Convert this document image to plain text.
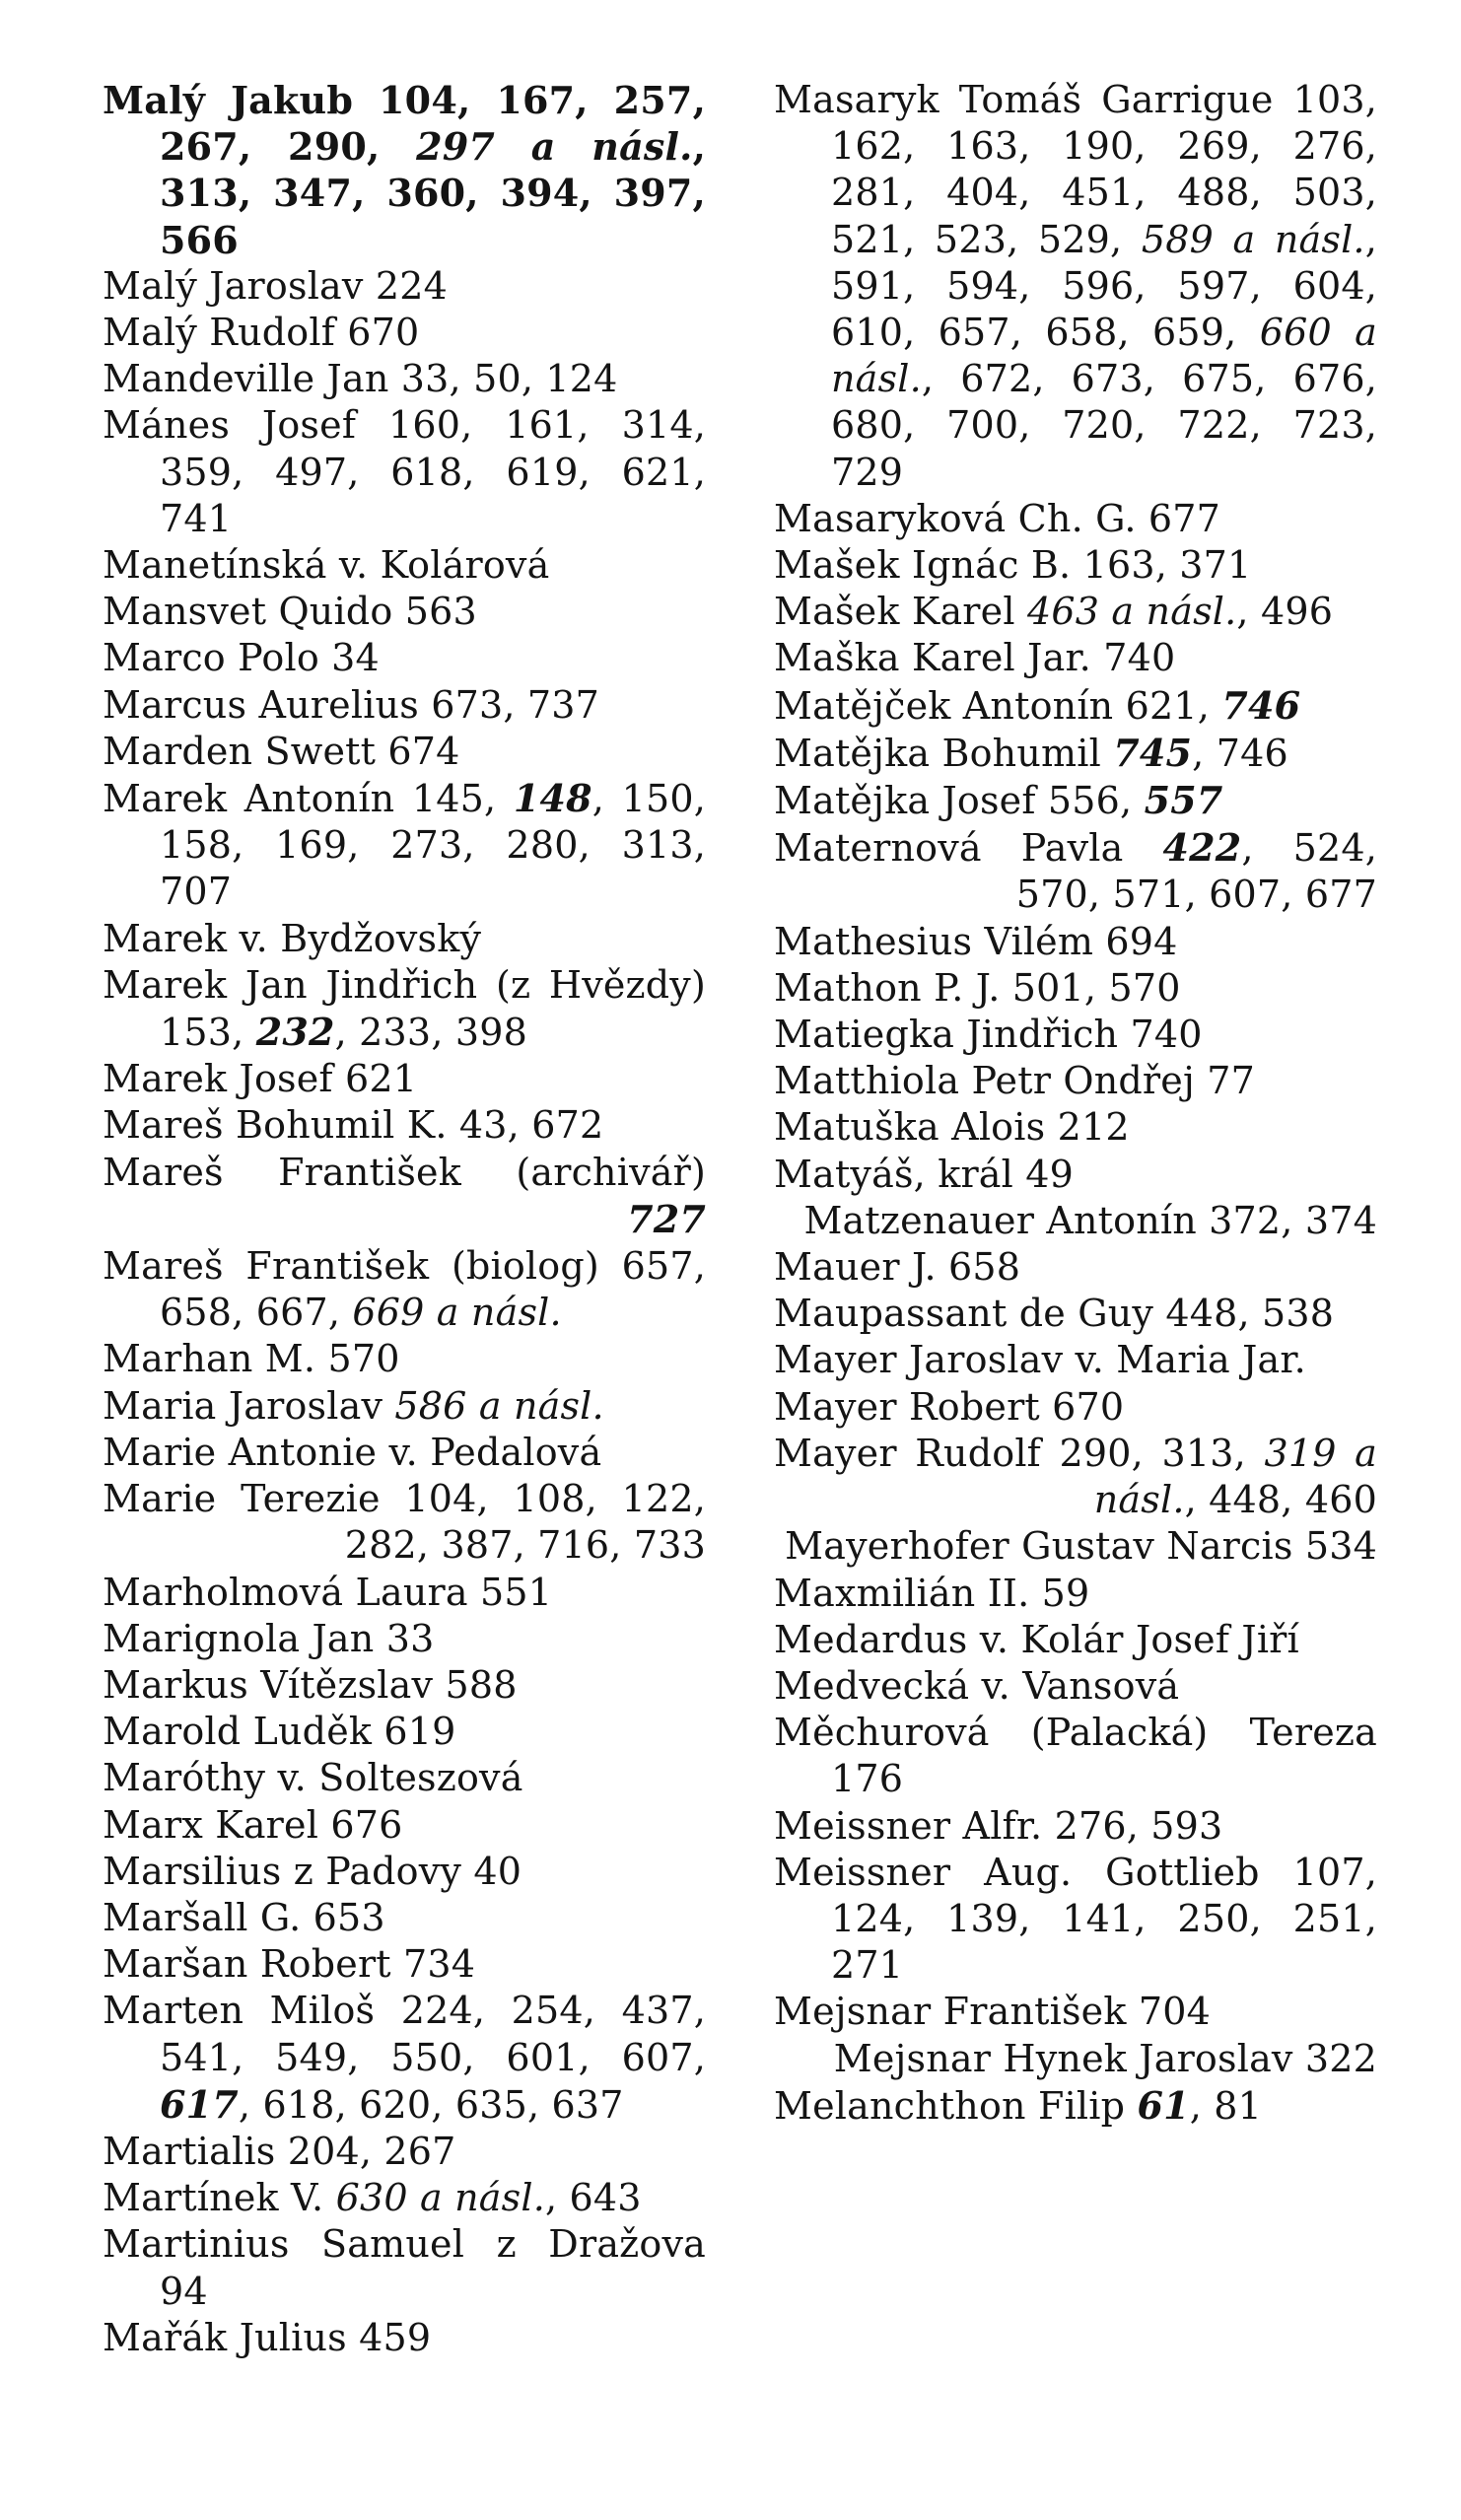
Malý Jakub 104, 167, 257, 267, 290, 297 a násl., 313, 347, 360, 394, 397, 566

Malý Jaroslav 224

Malý Rudolf 670

Mandeville Jan 33, 50, 124

Mánes Josef 160, 161, 314, 359, 497, 618, 619, 621, 741

Manetínská v. Kolárová

Mansvet Quido 563

Marco Polo 34

Marcus Aurelius 673, 737

Marden Swett 674

Marek Antonín 145, 148, 150, 158, 169, 273, 280, 313, 707

Marek v. Bydžovský

Marek Jan Jindřich (z Hvězdy) 153, 232, 233, 398

Marek Josef 621

Mareš Bohumil K. 43, 672

Mareš František (archivář) 727

Mareš František (biolog) 657, 658, 667, 669 a násl.

Marhan M. 570

Maria Jaroslav 586 a násl.

Marie Antonie v. Pedalová

Marie Terezie 104, 108, 122, 282, 387, 716, 733

Marholmová Laura 551

Marignola Jan 33

Markus Vítězslav 588

Marold Luděk 619

Maróthy v. Solteszová

Marx Karel 676

Marsilius z Padovy 40

Maršall G. 653

Maršan Robert 734

Marten Miloš 224, 254, 437, 541, 549, 550, 601, 607, 617, 618, 620, 635, 637

Martialis 204, 267

Martínek V. 630 a násl., 643

Martinius Samuel z Dražova 94

Mařák Julius 459

Masaryk Tomáš Garrigue 103, 162, 163, 190, 269, 276, 281, 404, 451, 488, 503, 521, 523, 529, 589 a násl., 591, 594, 596, 597, 604, 610, 657, 658, 659, 660 a násl., 672, 673, 675, 676, 680, 700, 720, 722, 723, 729

Masaryková Ch. G. 677

Mašek Ignác B. 163, 371

Mašek Karel 463 a násl., 496

Maška Karel Jar. 740

Matějček Antonín 621, 746

Matějka Bohumil 745, 746

Matějka Josef 556, 557

Maternová Pavla 422, 524, 570, 571, 607, 677

Mathesius Vilém 694

Mathon P. J. 501, 570

Matiegka Jindřich 740

Matthiola Petr Ondřej 77

Matuška Alois 212

Matyáš, král 49

Matzenauer Antonín 372, 374

Mauer J. 658

Maupassant de Guy 448, 538

Mayer Jaroslav v. Maria Jar.

Mayer Robert 670

Mayer Rudolf 290, 313, 319 a násl., 448, 460

Mayerhofer Gustav Narcis 534

Maxmilián II. 59

Medardus v. Kolár Josef Jiří

Medvecká v. Vansová

Měchurová (Palacká) Tereza 176

Meissner Alfr. 276, 593

Meissner Aug. Gottlieb 107, 124, 139, 141, 250, 251, 271

Mejsnar František 704

Mejsnar Hynek Jaroslav 322

Melanchthon Filip 61, 81
